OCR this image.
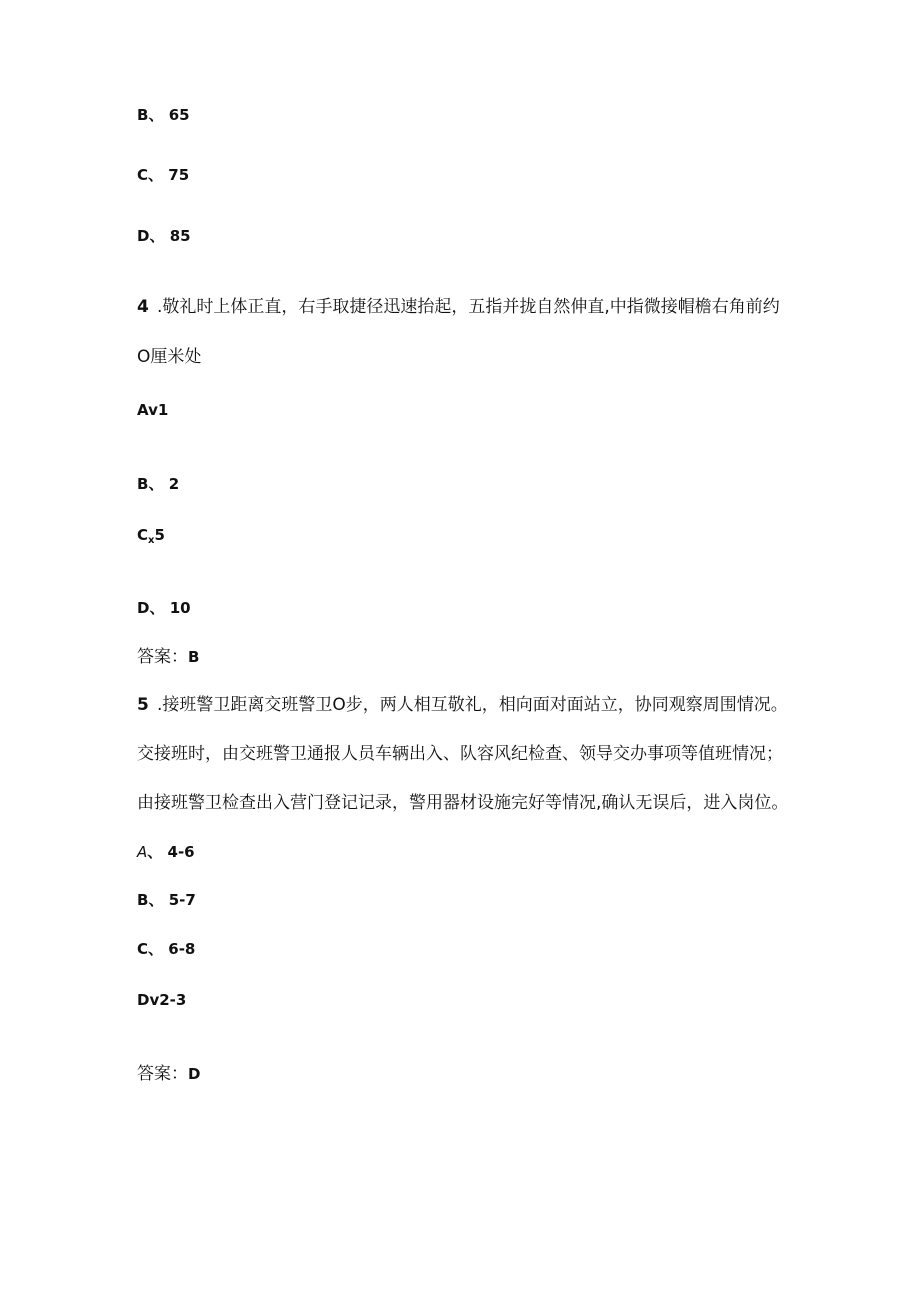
B、 65
C、 75
D、 85
4 .敬礼时上体正直，右手取捷径迅速抬起，五指并拢自然伸直,中指微接帽檐右角前约
O厘米处
Av1
B、 2
$C_x5$
D、 10
答案：B
5 .接班警卫距离交班警卫O步，两人相互敬礼，相向面对面站立，协同观察周围情况。
交接班时，由交班警卫通报人员车辆出入、队容风纪检查、领导交办事项等值班情况；
由接班警卫检查出入营门登记记录，警用器材设施完好等情况,确认无误后，进入岗位。
A、 4-6
B、 5-7
C、 6-8
Dv2-3
答案：D
